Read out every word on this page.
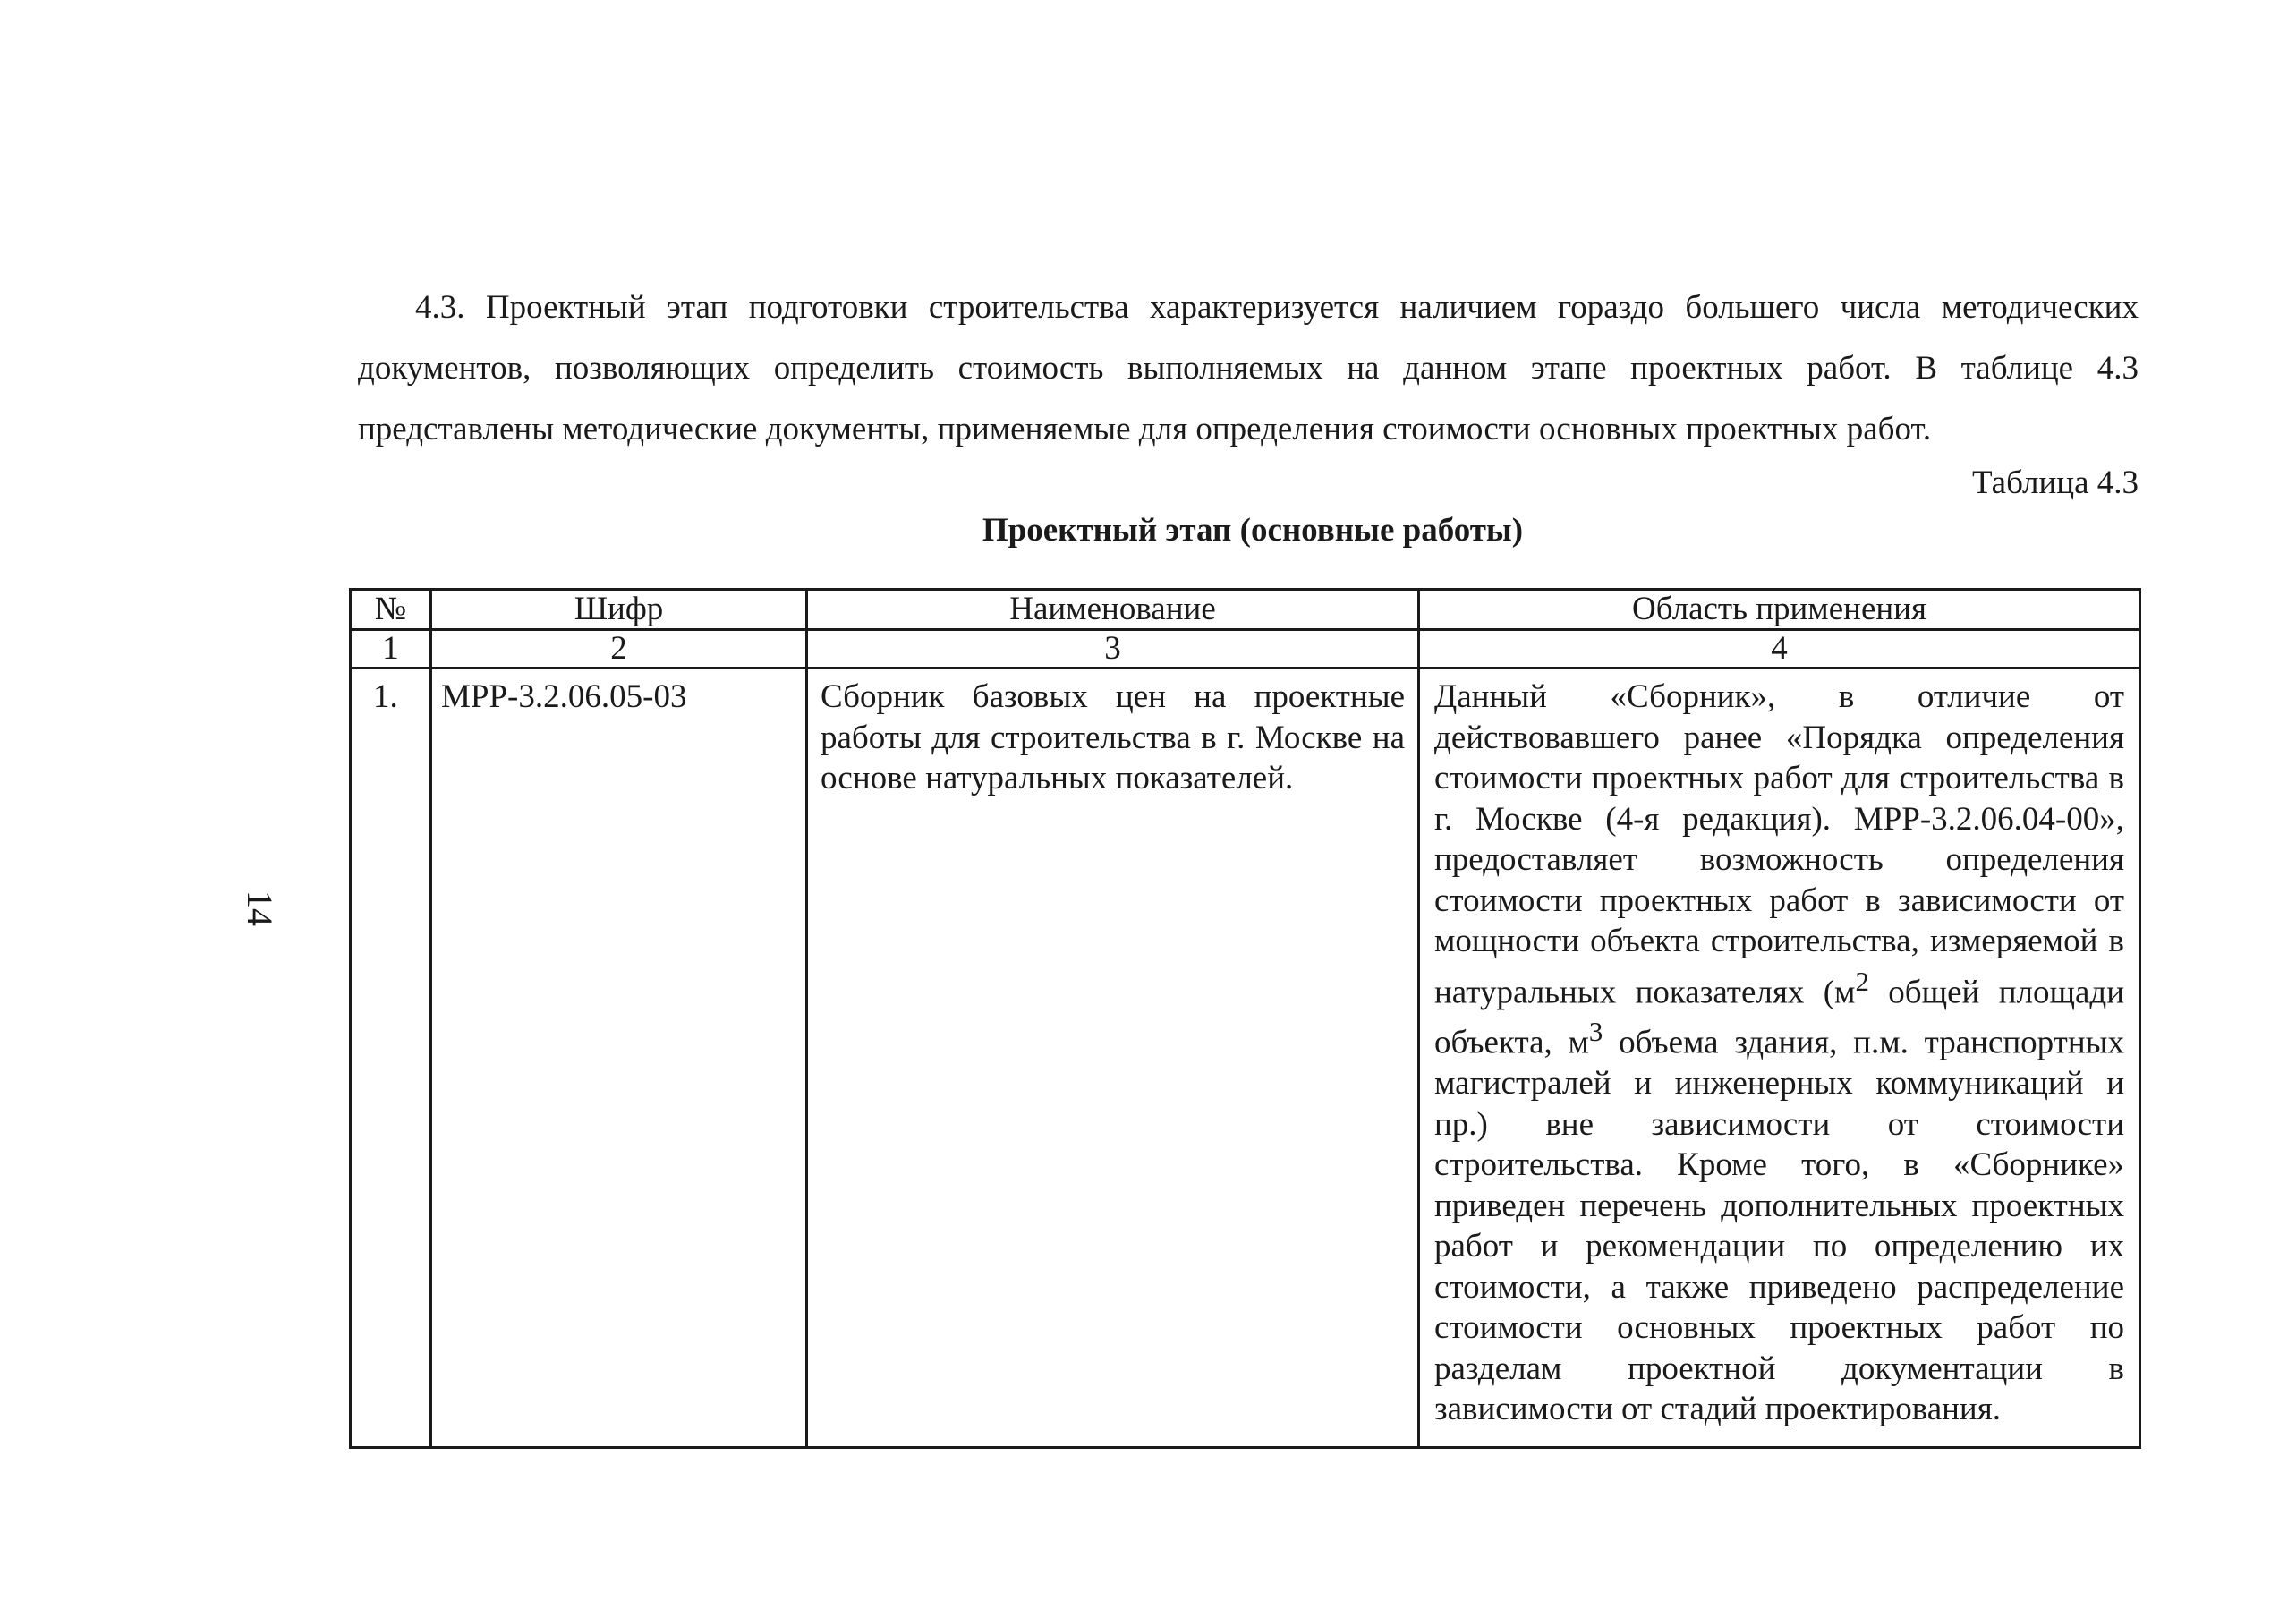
4.3. Проектный этап подготовки строительства характеризуется наличием гораздо большего числа методических документов, позволяющих определить стоимость выполняемых на данном этапе проектных работ. В таблице 4.3 представлены методические документы, применяемые для определения стоимости основных проектных работ.

Таблица 4.3

Проектный этап (основные работы)

14
№	Шифр	Наименование	Область применения
1	2	3	4
1.	МРР-3.2.06.05-03	Сборник базовых цен на проектные работы для строительства в г. Москве на основе натуральных показателей.	Данный «Сборник», в отличие от действовавшего ранее «Порядка определения стоимости проектных работ для строительства в г. Москве (4-я редакция). МРР-3.2.06.04-00», предоставляет возможность определения стоимости проектных работ в зависимости от мощности объекта строительства, измеряемой в натуральных показателях ($м^2$ общей площади объекта, $м^3$ объема здания, п.м. транспортных магистралей и инженерных коммуникаций и пр.) вне зависимости от стоимости строительства. Кроме того, в «Сборнике» приведен перечень дополнительных проектных работ и рекомендации по определению их стоимости, а также приведено распределение стоимости основных проектных работ по разделам проектной документации в зависимости от стадий проектирования.
